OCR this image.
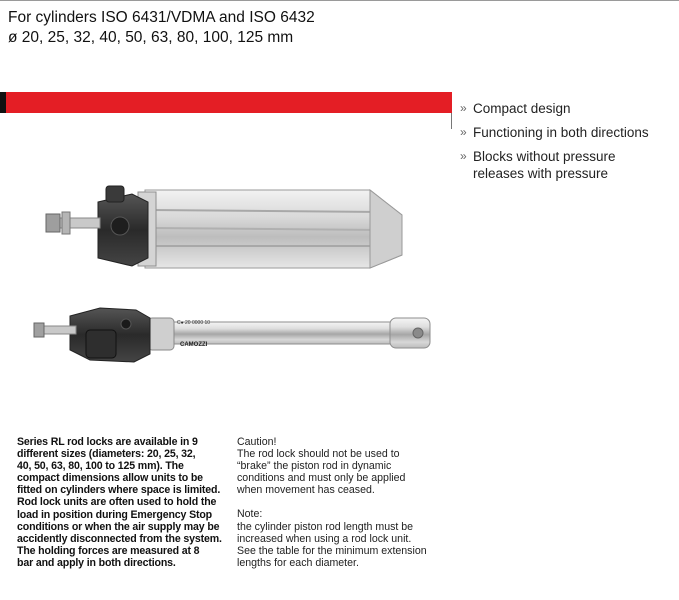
For cylinders ISO 6431/VDMA and ISO 6432
ø 20, 25, 32, 40, 50, 63, 80, 100, 125 mm
» Compact design
» Functioning in both directions
» Blocks without pressure
releases with pressure
C● 20 0000 10
CAMOZZI
Series RL rod locks are available in 9
different sizes (diameters: 20, 25, 32,
40, 50, 63, 80, 100 to 125 mm). The
compact dimensions allow units to be
fitted on cylinders where space is limited.
Rod lock units are often used to hold the
load in position during Emergency Stop
conditions or when the air supply may be
accidently disconnected from the system.
The holding forces are measured at 8
bar and apply in both directions.
Caution!
The rod lock should not be used to
“brake” the piston rod in dynamic
conditions and must only be applied
when movement has ceased.
Note:
the cylinder piston rod length must be
increased when using a rod lock unit.
See the table for the minimum extension
lengths for each diameter.
